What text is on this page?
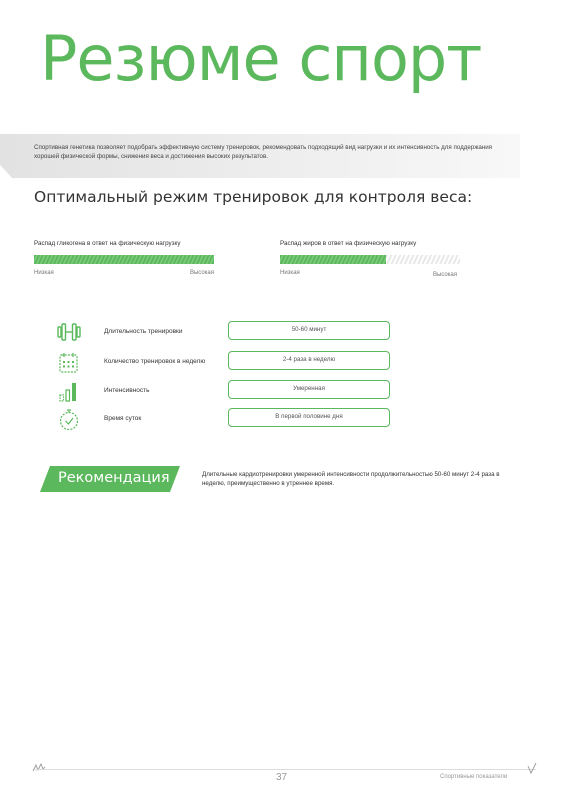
Резюме спорт
Спортивная генетика позволяет подобрать эффективную систему тренировок, рекомендовать подходящий вид нагрузки и их интенсивность для поддержания хорошей физической формы, снижения веса и достижения высоких результатов.
Оптимальный режим тренировок для контроля веса:
Распад гликогена в ответ на физическую нагрузку
Низкая	Высокая
Распад жиров в ответ на физическую нагрузку
Низкая	Высокая
Длительность тренировки	50-60 минут
Количество тренировок в неделю	2-4 раза в неделю
Интенсивность	Умеренная
Время суток	В первой половине дня
Рекомендация	Длительные кардиотренировки умеренной интенсивности продолжительностью 50-60 минут 2-4 раза в неделю, преимущественно в утреннее время.
37	Спортивные показатели
